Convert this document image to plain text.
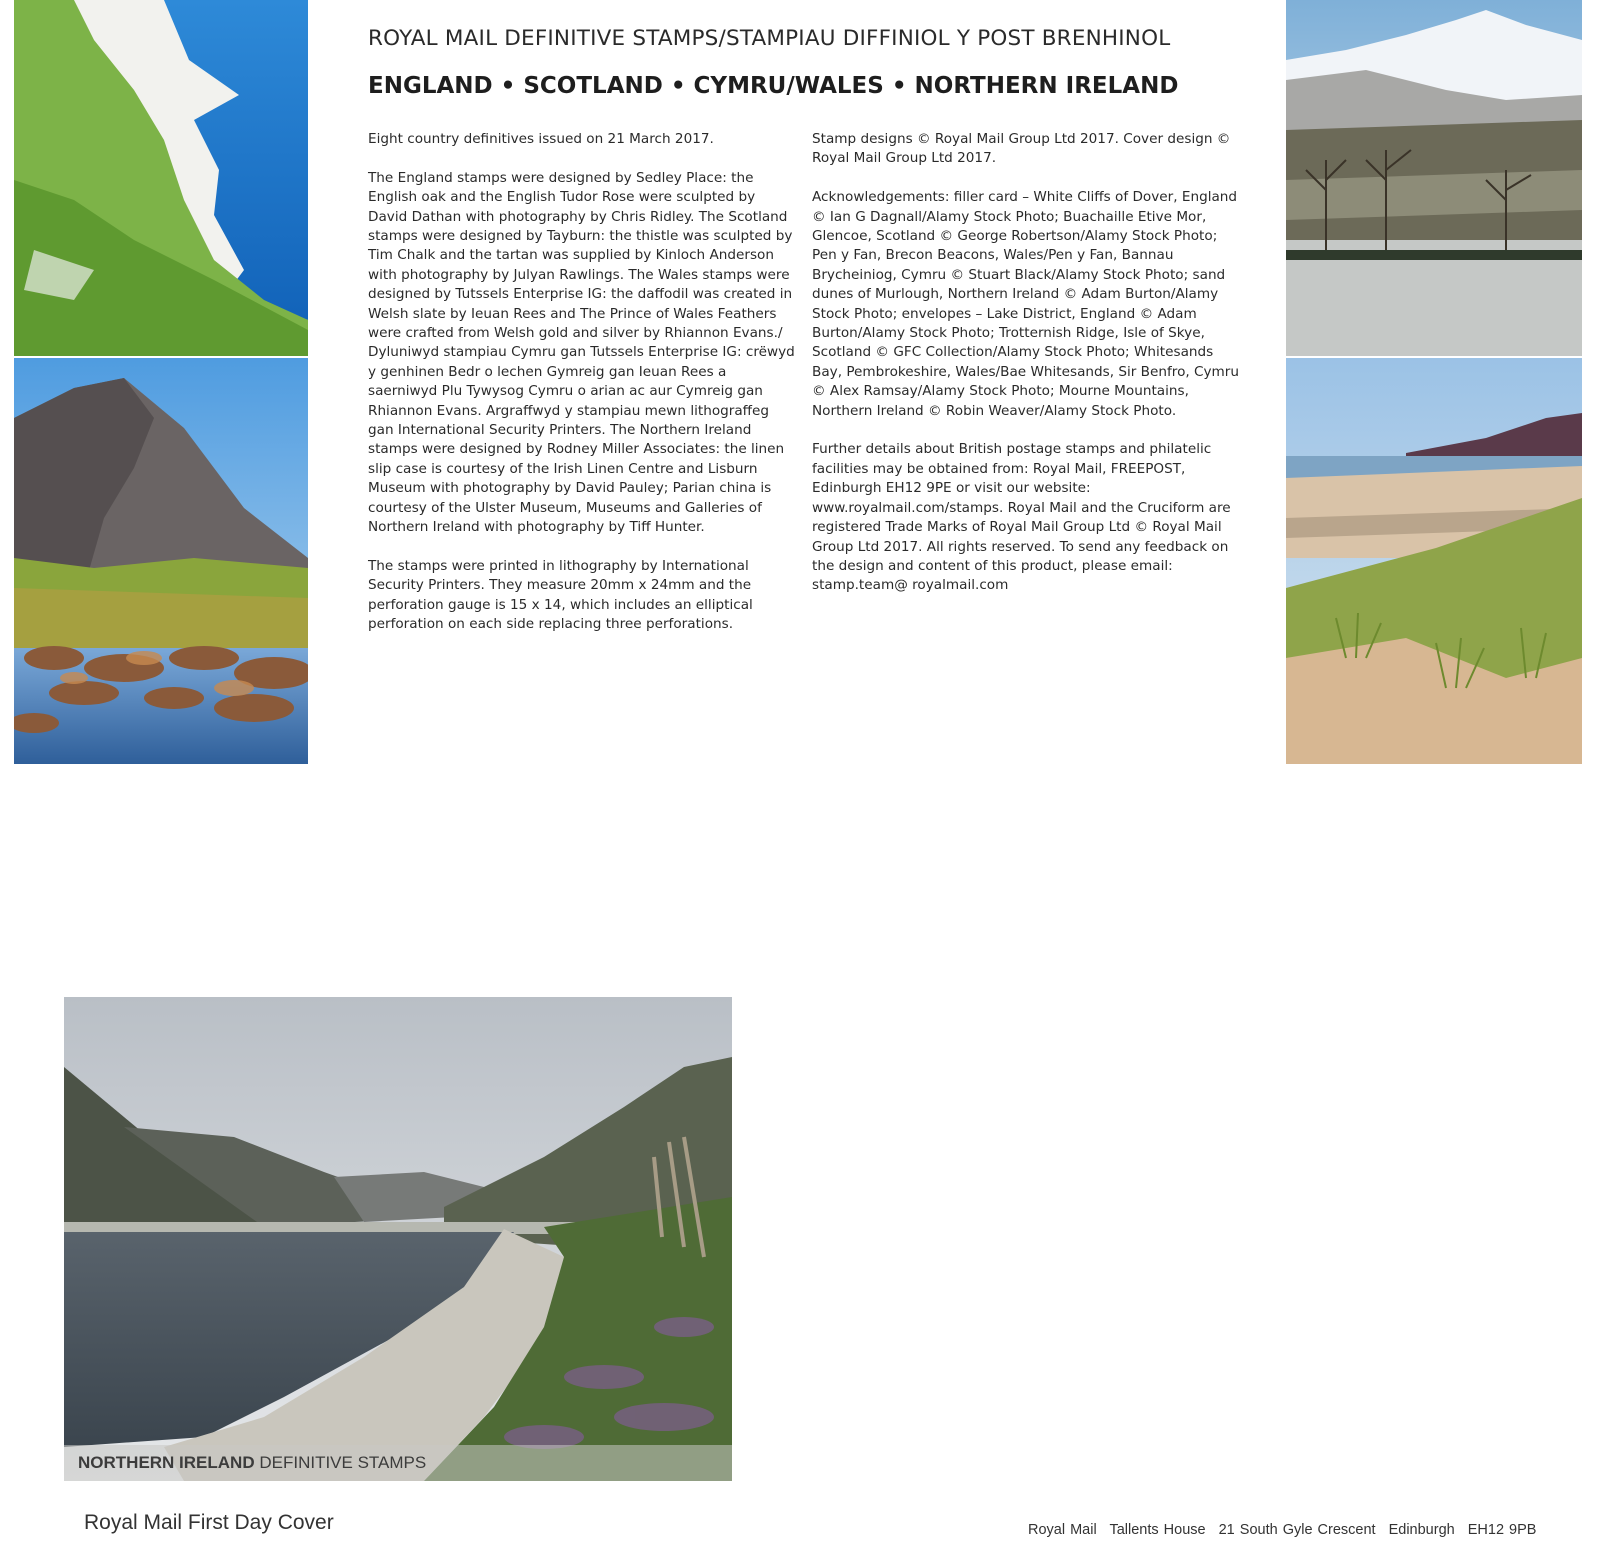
ROYAL MAIL DEFINITIVE STAMPS/STAMPIAU DIFFINIOL Y POST BRENHINOL

ENGLAND • SCOTLAND • CYMRU/WALES • NORTHERN IRELAND

Eight country definitives issued on 21 March 2017.

The England stamps were designed by Sedley Place: the English oak and the English Tudor Rose were sculpted by David Dathan with photography by Chris Ridley. The Scotland stamps were designed by Tayburn: the thistle was sculpted by Tim Chalk and the tartan was supplied by Kinloch Anderson with photography by Julyan Rawlings. The Wales stamps were designed by Tutssels Enterprise IG: the daffodil was created in Welsh slate by Ieuan Rees and The Prince of Wales Feathers were crafted from Welsh gold and silver by Rhiannon Evans./ Dyluniwyd stampiau Cymru gan Tutssels Enterprise IG: crëwyd y genhinen Bedr o lechen Gymreig gan Ieuan Rees a saerniwyd Plu Tywysog Cymru o arian ac aur Cymreig gan Rhiannon Evans. Argraffwyd y stampiau mewn lithograffeg gan International Security Printers. The Northern Ireland stamps were designed by Rodney Miller Associates: the linen slip case is courtesy of the Irish Linen Centre and Lisburn Museum with photography by David Pauley; Parian china is courtesy of the Ulster Museum, Museums and Galleries of Northern Ireland with photography by Tiff Hunter.

The stamps were printed in lithography by International Security Printers. They measure 20mm x 24mm and the perforation gauge is 15 x 14, which includes an elliptical perforation on each side replacing three perforations.

Stamp designs © Royal Mail Group Ltd 2017. Cover design © Royal Mail Group Ltd 2017.

Acknowledgements: filler card – White Cliffs of Dover, England © Ian G Dagnall/Alamy Stock Photo; Buachaille Etive Mor, Glencoe, Scotland © George Robertson/Alamy Stock Photo; Pen y Fan, Brecon Beacons, Wales/Pen y Fan, Bannau Brycheiniog, Cymru © Stuart Black/Alamy Stock Photo; sand dunes of Murlough, Northern Ireland © Adam Burton/Alamy Stock Photo; envelopes – Lake District, England © Adam Burton/Alamy Stock Photo; Trotternish Ridge, Isle of Skye, Scotland © GFC Collection/Alamy Stock Photo; Whitesands Bay, Pembrokeshire, Wales/Bae Whitesands, Sir Benfro, Cymru © Alex Ramsay/Alamy Stock Photo; Mourne Mountains, Northern Ireland © Robin Weaver/Alamy Stock Photo.

Further details about British postage stamps and philatelic facilities may be obtained from: Royal Mail, FREEPOST, Edinburgh EH12 9PE or visit our website: www.royalmail.com/stamps. Royal Mail and the Cruciform are registered Trade Marks of Royal Mail Group Ltd © Royal Mail Group Ltd 2017. All rights reserved. To send any feedback on the design and content of this product, please email: stamp.team@ royalmail.com

NORTHERN IRELAND DEFINITIVE STAMPS
Royal Mail First Day Cover	Royal Mail Tallents House 21 South Gyle Crescent Edinburgh EH12 9PB
